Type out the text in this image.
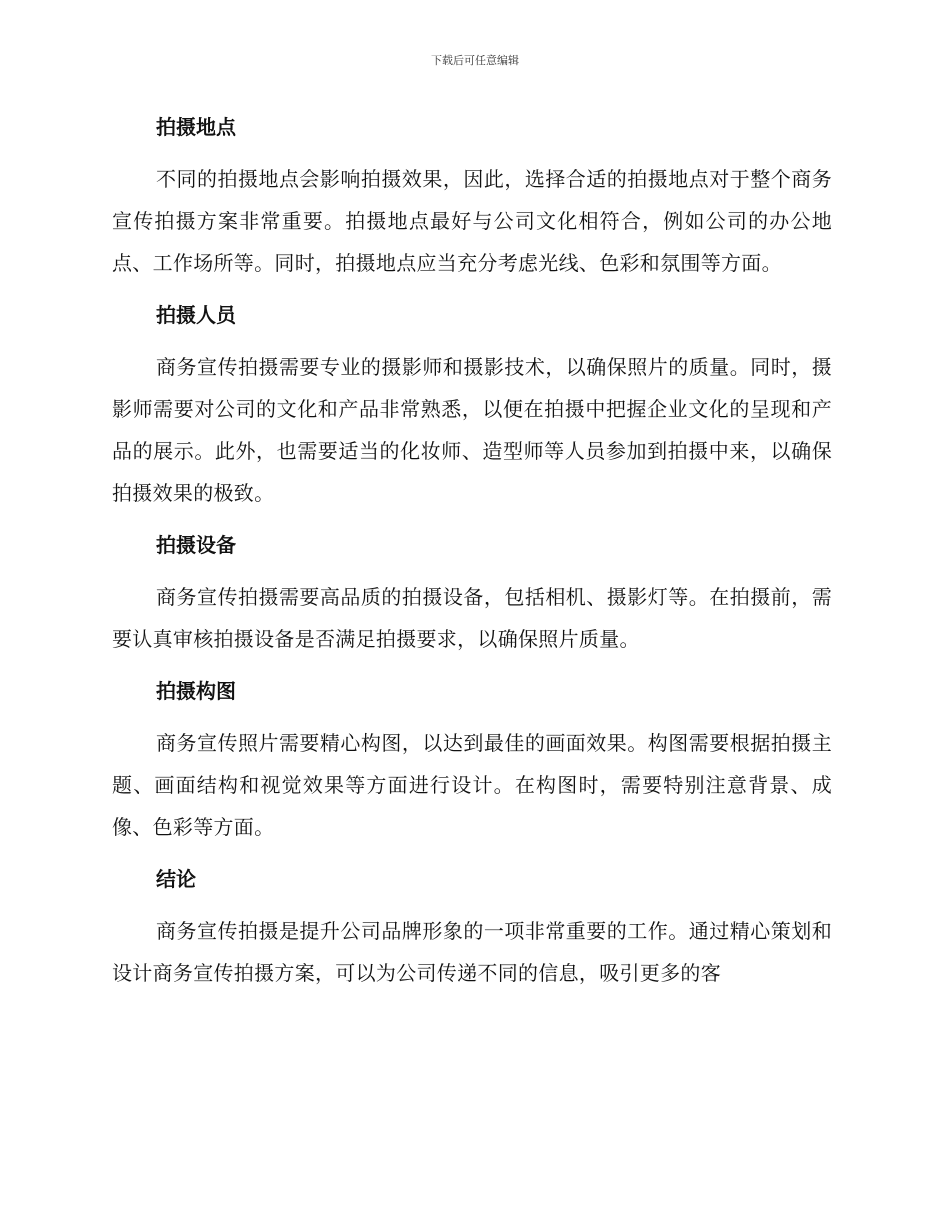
下载后可任意编辑
拍摄地点

不同的拍摄地点会影响拍摄效果，因此，选择合适的拍摄地点对于整个商务宣传拍摄方案非常重要。拍摄地点最好与公司文化相符合，例如公司的办公地点、工作场所等。同时，拍摄地点应当充分考虑光线、色彩和氛围等方面。

拍摄人员

商务宣传拍摄需要专业的摄影师和摄影技术，以确保照片的质量。同时，摄影师需要对公司的文化和产品非常熟悉，以便在拍摄中把握企业文化的呈现和产品的展示。此外，也需要适当的化妆师、造型师等人员参加到拍摄中来，以确保拍摄效果的极致。

拍摄设备

商务宣传拍摄需要高品质的拍摄设备，包括相机、摄影灯等。在拍摄前，需要认真审核拍摄设备是否满足拍摄要求，以确保照片质量。

拍摄构图

商务宣传照片需要精心构图，以达到最佳的画面效果。构图需要根据拍摄主题、画面结构和视觉效果等方面进行设计。在构图时，需要特别注意背景、成像、色彩等方面。

结论

商务宣传拍摄是提升公司品牌形象的一项非常重要的工作。通过精心策划和设计商务宣传拍摄方案，可以为公司传递不同的信息，吸引更多的客
